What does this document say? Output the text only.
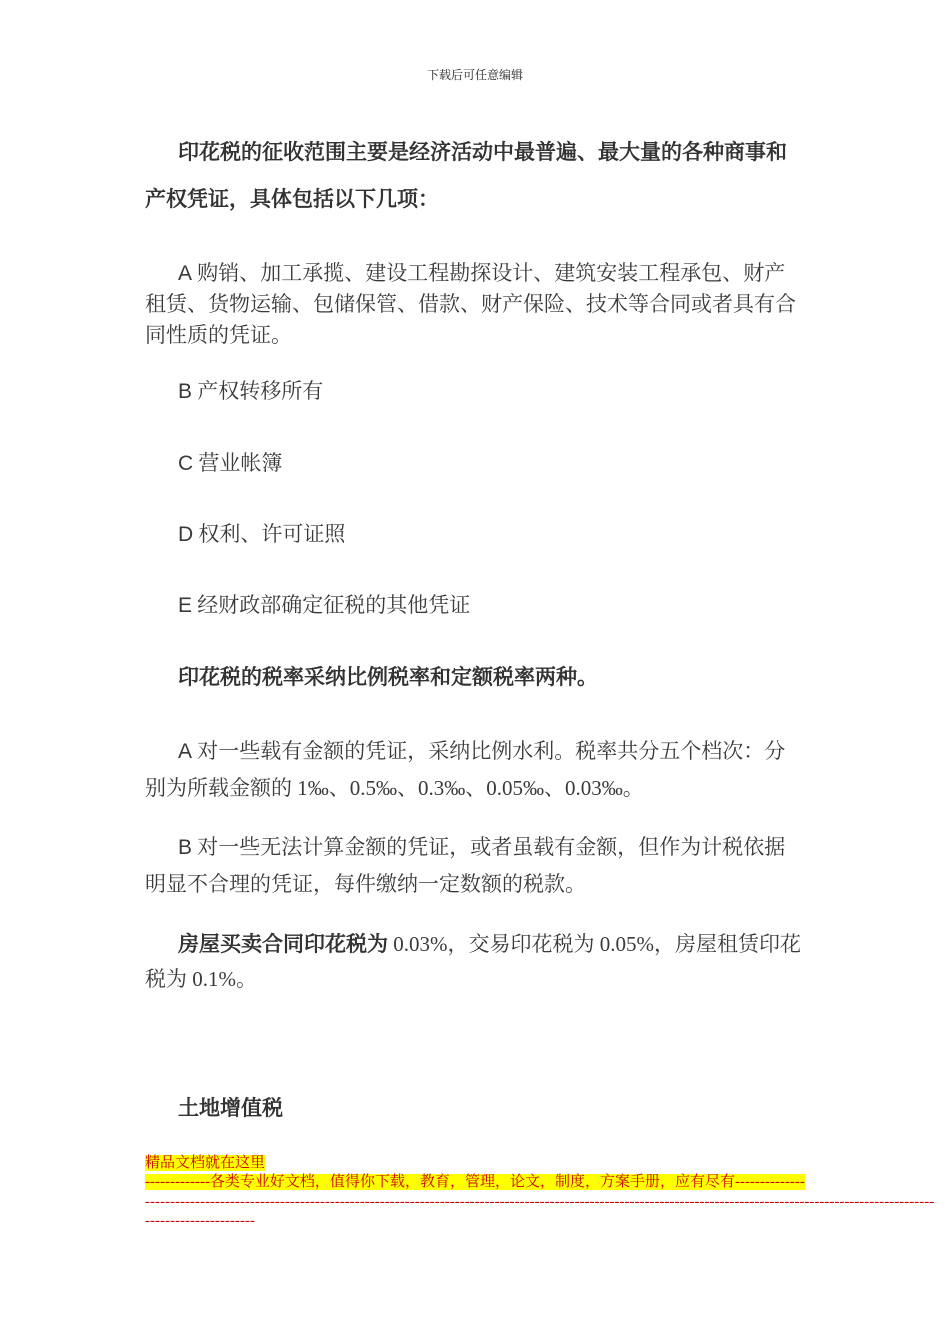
下载后可任意编辑

印花税的征收范围主要是经济活动中最普遍、最大量的各种商事和
产权凭证，具体包括以下几项：

A 购销、加工承揽、建设工程勘探设计、建筑安装工程承包、财产租赁、货物运输、包储保管、借款、财产保险、技术等合同或者具有合同性质的凭证。

B 产权转移所有

C 营业帐簿

D 权利、许可证照

E 经财政部确定征税的其他凭证

印花税的税率采纳比例税率和定额税率两种。

A 对一些载有金额的凭证，采纳比例水利。税率共分五个档次：分别为所载金额的 1‰、0.5‰、0.3‰、0.05‰、0.03‰。

B 对一些无法计算金额的凭证，或者虽载有金额，但作为计税依据明显不合理的凭证，每件缴纳一定数额的税款。

房屋买卖合同印花税为 0.03%，交易印花税为 0.05%，房屋租赁印花税为 0.1%。

土地增值税

精品文档就在这里
-------------各类专业好文档，值得你下载，教育，管理，论文，制度，方案手册，应有尽有--------------
--------------------------------------------------------------------------------------------------------------------------------------------------------------
----------------------
